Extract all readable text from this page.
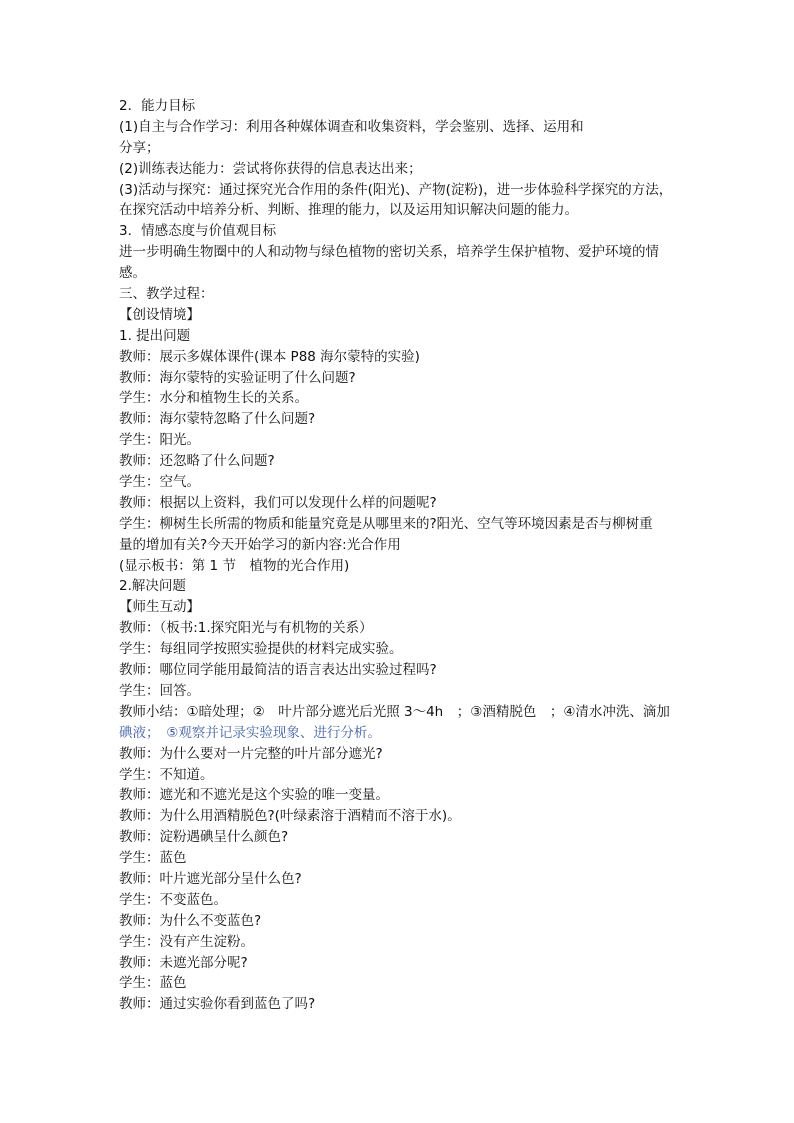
2．能力目标
(1)自主与合作学习：利用各种媒体调查和收集资料，学会鉴别、选择、运用和
分享；
(2)训练表达能力：尝试将你获得的信息表达出来；
(3)活动与探究：通过探究光合作用的条件(阳光)、产物(淀粉)，进一步体验科学探究的方法，
在探究活动中培养分析、判断、推理的能力，以及运用知识解决问题的能力。
3．情感态度与价值观目标
进一步明确生物圈中的人和动物与绿色植物的密切关系，培养学生保护植物、爱护环境的情
感。
三、教学过程：
【创设情境】
1. 提出问题
教师：展示多媒体课件(课本 P88 海尔蒙特的实验)
教师：海尔蒙特的实验证明了什么问题?
学生：水分和植物生长的关系。
教师：海尔蒙特忽略了什么问题?
学生：阳光。
教师：还忽略了什么问题?
学生：空气。
教师：根据以上资料，我们可以发现什么样的问题呢?
学生：柳树生长所需的物质和能量究竟是从哪里来的?阳光、空气等环境因素是否与柳树重
量的增加有关?今天开始学习的新内容:光合作用
(显示板书：第 1 节　植物的光合作用)
2.解决问题
【师生互动】
教师：（板书:1.探究阳光与有机物的关系）
学生：每组同学按照实验提供的材料完成实验。
教师：哪位同学能用最简洁的语言表达出实验过程吗?
学生：回答。
教师小结：①暗处理；②　叶片部分遮光后光照 3～4h　；③酒精脱色　；④清水冲洗、滴加
碘液；　⑤观察并记录实验现象、进行分析。
教师：为什么要对一片完整的叶片部分遮光?
学生：不知道。
教师：遮光和不遮光是这个实验的唯一变量。
教师：为什么用酒精脱色?(叶绿素溶于酒精而不溶于水)。
教师：淀粉遇碘呈什么颜色?
学生：蓝色
教师：叶片遮光部分呈什么色?
学生：不变蓝色。
教师：为什么不变蓝色?
学生：没有产生淀粉。
教师：未遮光部分呢?
学生：蓝色
教师：通过实验你看到蓝色了吗?
